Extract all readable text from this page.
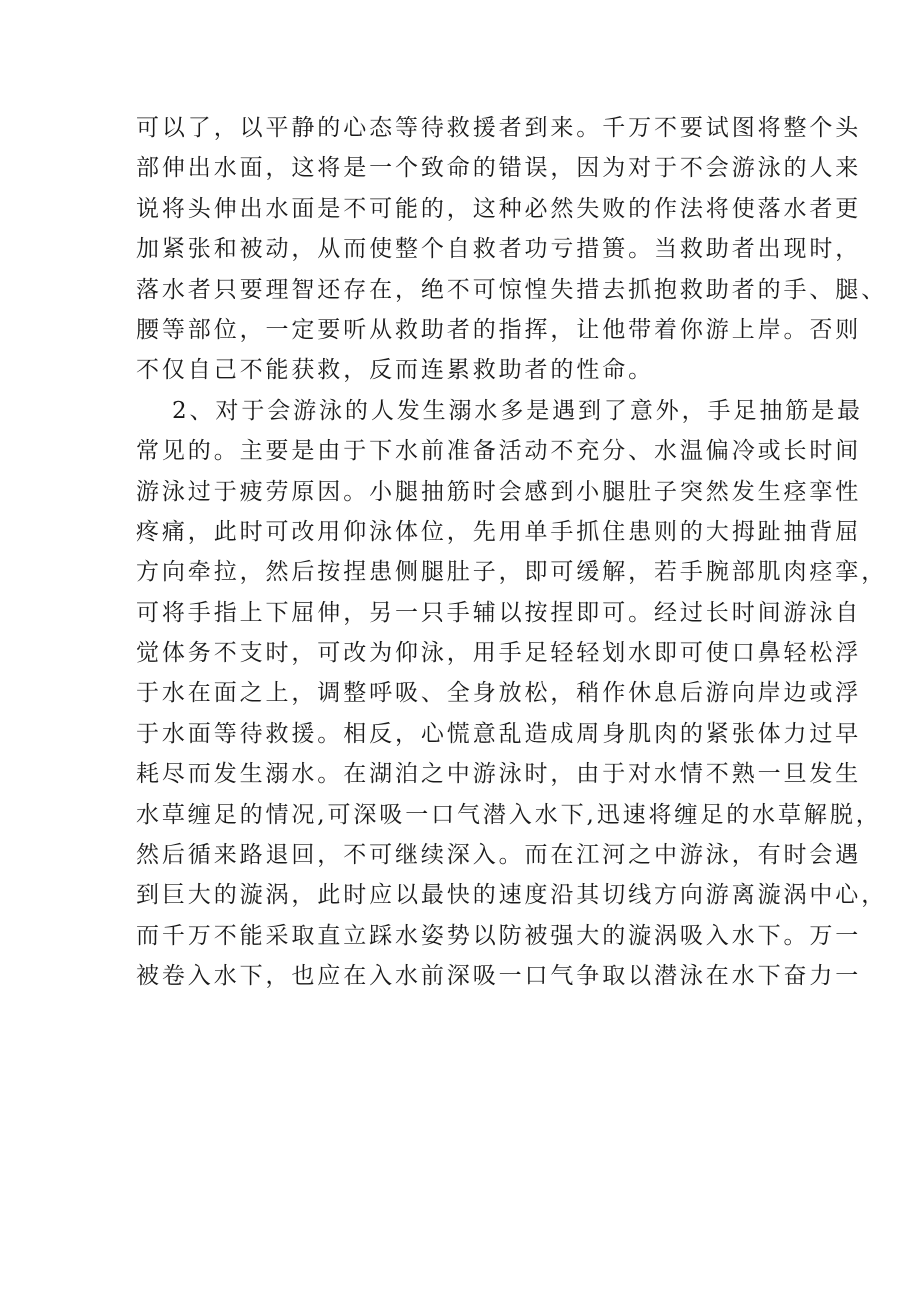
可以了，以平静的心态等待救援者到来。千万不要试图将整个头
部伸出水面，这将是一个致命的错误，因为对于不会游泳的人来
说将头伸出水面是不可能的，这种必然失败的作法将使落水者更
加紧张和被动，从而使整个自救者功亏措篑。当救助者出现时，
落水者只要理智还存在，绝不可惊惶失措去抓抱救助者的手、腿、
腰等部位，一定要听从救助者的指挥，让他带着你游上岸。否则
不仅自己不能获救，反而连累救助者的性命。
2、对于会游泳的人发生溺水多是遇到了意外，手足抽筋是最
常见的。主要是由于下水前准备活动不充分、水温偏冷或长时间
游泳过于疲劳原因。小腿抽筋时会感到小腿肚子突然发生痉挛性
疼痛，此时可改用仰泳体位，先用单手抓住患则的大拇趾抽背屈
方向牵拉，然后按捏患侧腿肚子，即可缓解，若手腕部肌肉痉挛，
可将手指上下屈伸，另一只手辅以按捏即可。经过长时间游泳自
觉体务不支时，可改为仰泳，用手足轻轻划水即可使口鼻轻松浮
于水在面之上，调整呼吸、全身放松，稍作休息后游向岸边或浮
于水面等待救援。相反，心慌意乱造成周身肌肉的紧张体力过早
耗尽而发生溺水。在湖泊之中游泳时，由于对水情不熟一旦发生
水草缠足的情况,可深吸一口气潜入水下,迅速将缠足的水草解脱，
然后循来路退回，不可继续深入。而在江河之中游泳，有时会遇
到巨大的漩涡，此时应以最快的速度沿其切线方向游离漩涡中心，
而千万不能采取直立踩水姿势以防被强大的漩涡吸入水下。万一
被卷入水下，也应在入水前深吸一口气争取以潜泳在水下奋力一
